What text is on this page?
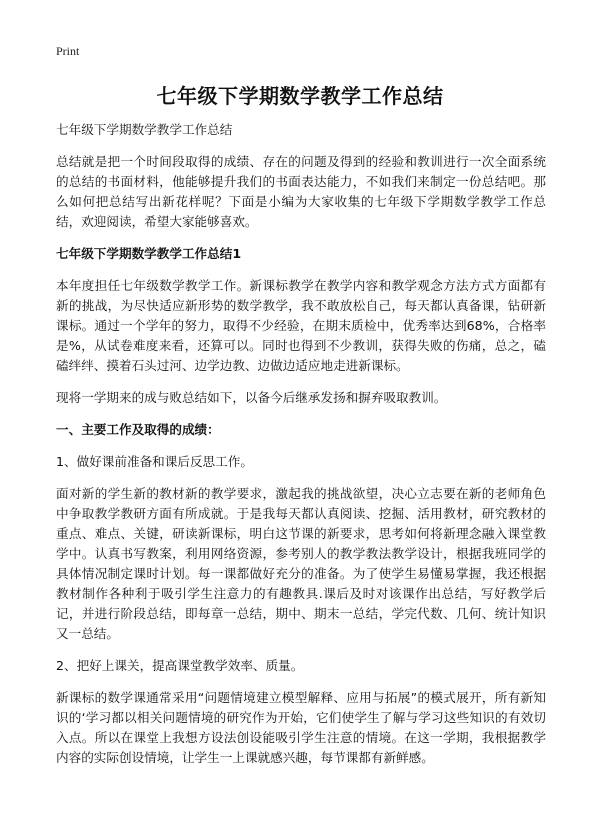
Print
七年级下学期数学教学工作总结

七年级下学期数学教学工作总结

总结就是把一个时间段取得的成绩、存在的问题及得到的经验和教训进行一次全面系统的总结的书面材料，他能够提升我们的书面表达能力，不如我们来制定一份总结吧。那么如何把总结写出新花样呢？下面是小编为大家收集的七年级下学期数学教学工作总结，欢迎阅读，希望大家能够喜欢。

七年级下学期数学教学工作总结1

本年度担任七年级数学教学工作。新课标教学在教学内容和教学观念方法方式方面都有新的挑战，为尽快适应新形势的数学教学，我不敢放松自己，每天都认真备课，钻研新课标。通过一个学年的努力，取得不少经验，在期末质检中，优秀率达到68%，合格率是%，从试卷难度来看，还算可以。同时也得到不少教训，获得失败的伤痛，总之，磕磕绊绊、摸着石头过河、边学边教、边做边适应地走进新课标。

现将一学期来的成与败总结如下，以备今后继承发扬和摒弃吸取教训。

一、主要工作及取得的成绩：

1、做好课前准备和课后反思工作。

面对新的学生新的教材新的教学要求，激起我的挑战欲望，决心立志要在新的老师角色中争取教学教研方面有所成就。于是我每天都认真阅读、挖掘、活用教材，研究教材的重点、难点、关键，研读新课标，明白这节课的新要求，思考如何将新理念融入课堂教学中。认真书写教案，利用网络资源，参考别人的教学教法教学设计，根据我班同学的具体情况制定课时计划。每一课都做好充分的准备。为了使学生易懂易掌握，我还根据教材制作各种利于吸引学生注意力的有趣教具.课后及时对该课作出总结，写好教学后记，并进行阶段总结，即每章一总结，期中、期末一总结，学完代数、几何、统计知识又一总结。

2、把好上课关，提高课堂教学效率、质量。

新课标的数学课通常采用“问题情境建立模型解释、应用与拓展”的模式展开，所有新知识的‘学习都以相关问题情境的研究作为开始，它们使学生了解与学习这些知识的有效切入点。所以在课堂上我想方设法创设能吸引学生注意的情境。在这一学期，我根据教学内容的实际创设情境，让学生一上课就感兴趣，每节课都有新鲜感。
